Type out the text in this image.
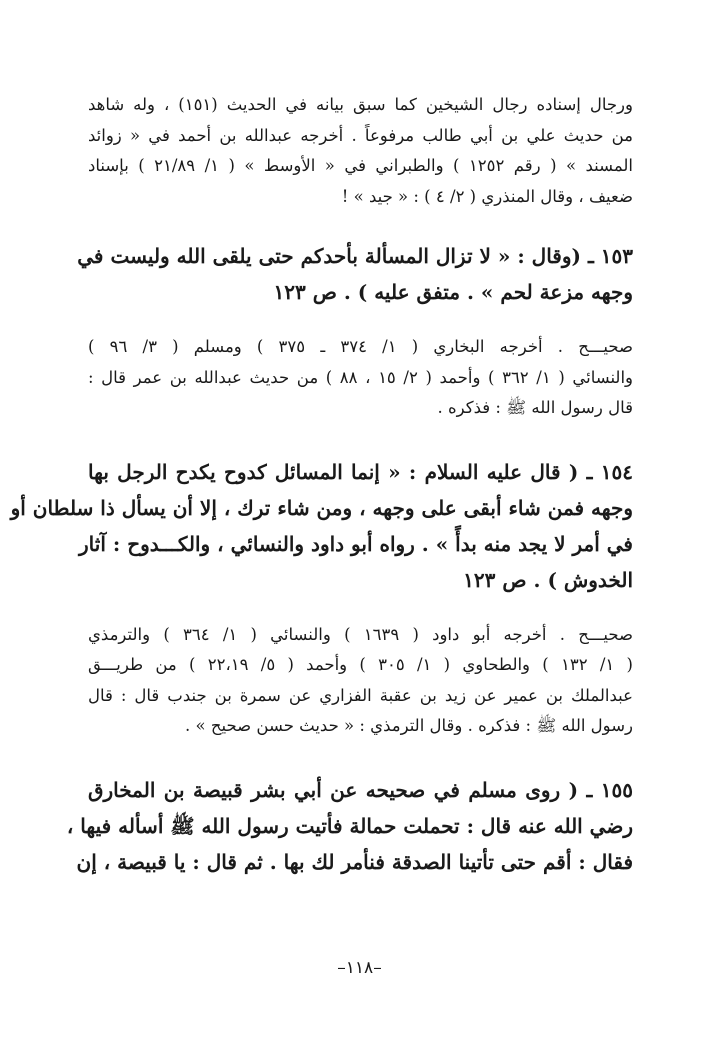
ورجال إسناده رجال الشيخين كما سبق بيانه في الحديث (١٥١) ، وله شاهد
من حديث علي بن أبي طالب مرفوعاً . أخرجه عبدالله بن أحمد في « زوائد
المسند » ( رقم ١٢٥٢ ) والطبراني في « الأوسط » ( ١/ ٢١/٨٩ ) بإسناد
ضعيف ، وقال المنذري ( ٢/ ٤ ) : « جيد » !
١٥٣ ـ (وقال : « لا تزال المسألة بأحدكم حتى يلقى الله وليست في
وجهه مزعة لحم » . متفق عليه ) . ص ١٢٣
صحيـــح . أخرجه البخاري ( ١/ ٣٧٤ ـ ٣٧٥ ) ومسلم ( ٣/ ٩٦ )
والنسائي ( ١/ ٣٦٢ ) وأحمد ( ٢/ ١٥ ، ٨٨ ) من حديث عبدالله بن عمر قال :
قال رسول الله ﷺ : فذكره .
١٥٤ ـ ( قال عليه السلام : « إنما المسائل كدوح يكدح الرجل بها
وجهه فمن شاء أبقى على وجهه ، ومن شاء ترك ، إلا أن يسأل ذا سلطان أو
في أمر لا يجد منه بدأً » . رواه أبو داود والنسائي ، والكـــدوح : آثار
الخدوش ) . ص ١٢٣
صحيـــح . أخرجه أبو داود ( ١٦٣٩ ) والنسائي ( ١/ ٣٦٤ ) والترمذي
( ١/ ١٣٢ ) والطحاوي ( ١/ ٣٠٥ ) وأحمد ( ٥/ ٢٢،١٩ ) من طريـــق
عبدالملك بن عمير عن زيد بن عقبة الفزاري عن سمرة بن جندب قال : قال
رسول الله ﷺ : فذكره . وقال الترمذي : « حديث حسن صحيح » .
١٥٥ ـ ( روى مسلم في صحيحه عن أبي بشر قبيصة بن المخارق
رضي الله عنه قال : تحملت حمالة فأتيت رسول الله ﷺ أسأله فيها ،
فقال : أقم حتى تأتينا الصدقة فنأمر لك بها . ثم قال : يا قبيصة ، إن
–١١٨–
